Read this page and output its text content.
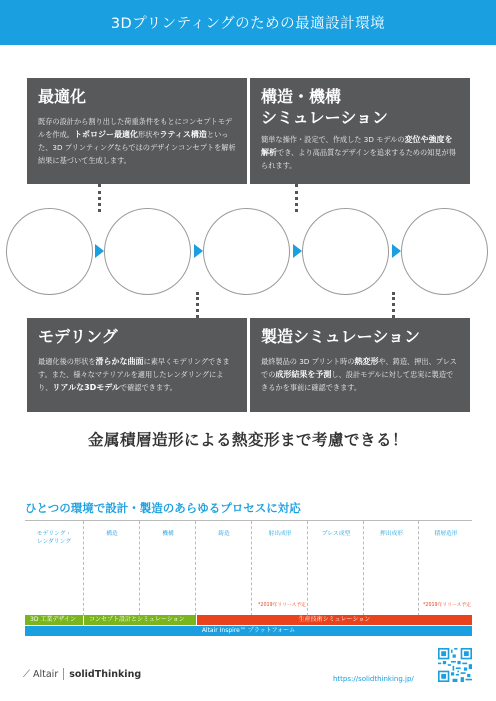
3Dプリンティングのための最適設計環境
最適化
既存の設計から割り出した荷重条件をもとにコンセプトモデルを作成。トポロジー最適化形状やラティス構造といった、3D プリンティングならではのデザインコンセプトを解析結果に基づいて生成します。
構造・機構
シミュレーション
簡単な操作・設定で、作成した 3D モデルの変位や強度を解析でき、より高品質なデザインを追求するための知見が得られます。
モデリング
最適化後の形状を滑らかな曲面に素早くモデリングできます。また、様々なマテリアルを適用したレンダリングにより、リアルな3Dモデルで確認できます。
製造シミュレーション
最終製品の 3D プリント時の熱変形や、鋳造、押出、プレスでの成形結果を予測し、設計モデルに対して忠実に製造できるかを事前に確認できます。
金属積層造形による熱変形まで考慮できる！
ひとつの環境で設計・製造のあらゆるプロセスに対応
モデリング・
レンダリング
構造	機構	鋳造	射出成形
*2019年リリース予定
プレス成型	押出成形	積層造形
*2019年リリース予定
3D 工業デザイン	コンセプト設計とシミュレーション	生産技術シミュレーション
Altair Inspire™ プラットフォーム
⟋ Altair solidThinking	https://solidthinking.jp/
